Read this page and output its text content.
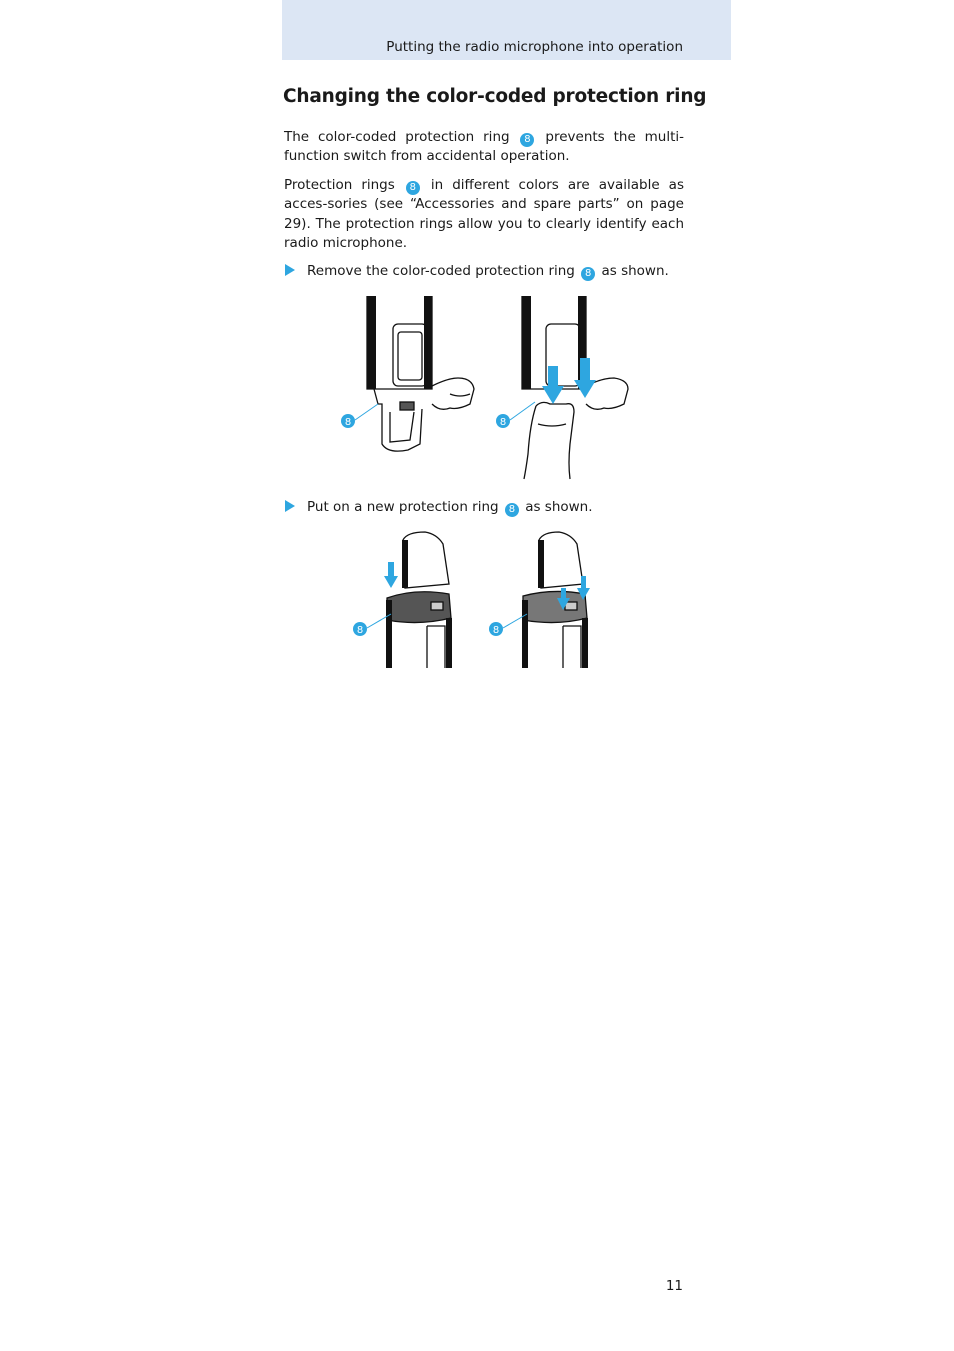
Putting the radio microphone into operation
Changing the color-coded protection ring

The color-coded protection ring 8 prevents the multi-function switch from accidental operation.

Protection rings 8 in different colors are available as acces-sories (see “Accessories and spare parts” on page 29). The protection rings allow you to clearly identify each radio microphone.

Remove the color-coded protection ring 8 as shown.
8	8
Put on a new protection ring 8 as shown.
8	8
11
